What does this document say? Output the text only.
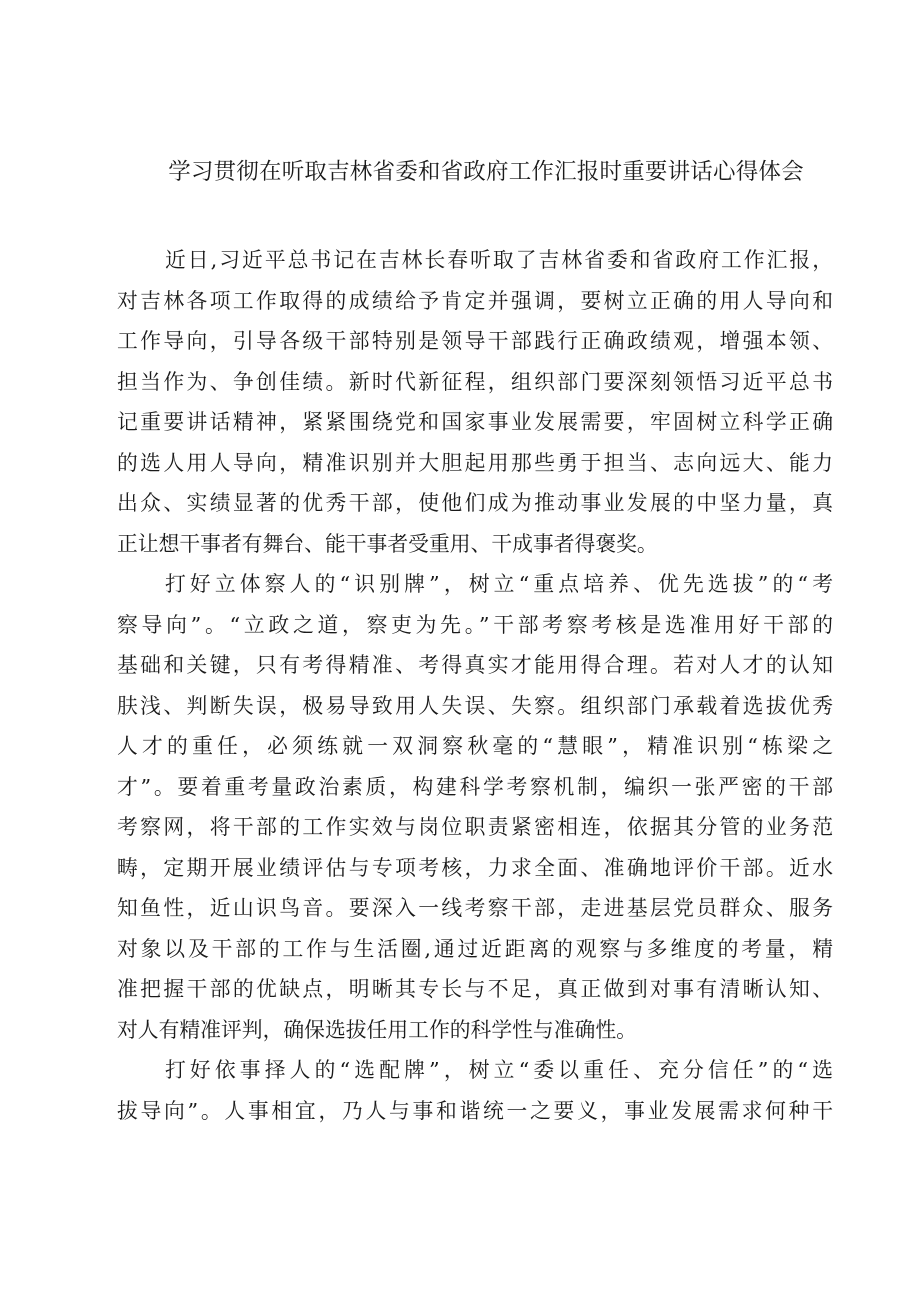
学习贯彻在听取吉林省委和省政府工作汇报时重要讲话心得体会
近日,习近平总书记在吉林长春听取了吉林省委和省政府工作汇报，
对吉林各项工作取得的成绩给予肯定并强调，要树立正确的用人导向和
工作导向，引导各级干部特别是领导干部践行正确政绩观，增强本领、
担当作为、争创佳绩。新时代新征程，组织部门要深刻领悟习近平总书
记重要讲话精神，紧紧围绕党和国家事业发展需要，牢固树立科学正确
的选人用人导向，精准识别并大胆起用那些勇于担当、志向远大、能力
出众、实绩显著的优秀干部，使他们成为推动事业发展的中坚力量，真
正让想干事者有舞台、能干事者受重用、干成事者得褒奖。
打好立体察人的“识别牌”，树立“重点培养、优先选拔”的“考
察导向”。“立政之道，察吏为先。”干部考察考核是选准用好干部的
基础和关键，只有考得精准、考得真实才能用得合理。若对人才的认知
肤浅、判断失误，极易导致用人失误、失察。组织部门承载着选拔优秀
人才的重任，必须练就一双洞察秋毫的“慧眼”，精准识别“栋梁之
才”。要着重考量政治素质，构建科学考察机制，编织一张严密的干部
考察网，将干部的工作实效与岗位职责紧密相连，依据其分管的业务范
畴，定期开展业绩评估与专项考核，力求全面、准确地评价干部。近水
知鱼性，近山识鸟音。要深入一线考察干部，走进基层党员群众、服务
对象以及干部的工作与生活圈,通过近距离的观察与多维度的考量，精
准把握干部的优缺点，明晰其专长与不足，真正做到对事有清晰认知、
对人有精准评判，确保选拔任用工作的科学性与准确性。
打好依事择人的“选配牌”，树立“委以重任、充分信任”的“选
拔导向”。人事相宜，乃人与事和谐统一之要义，事业发展需求何种干
